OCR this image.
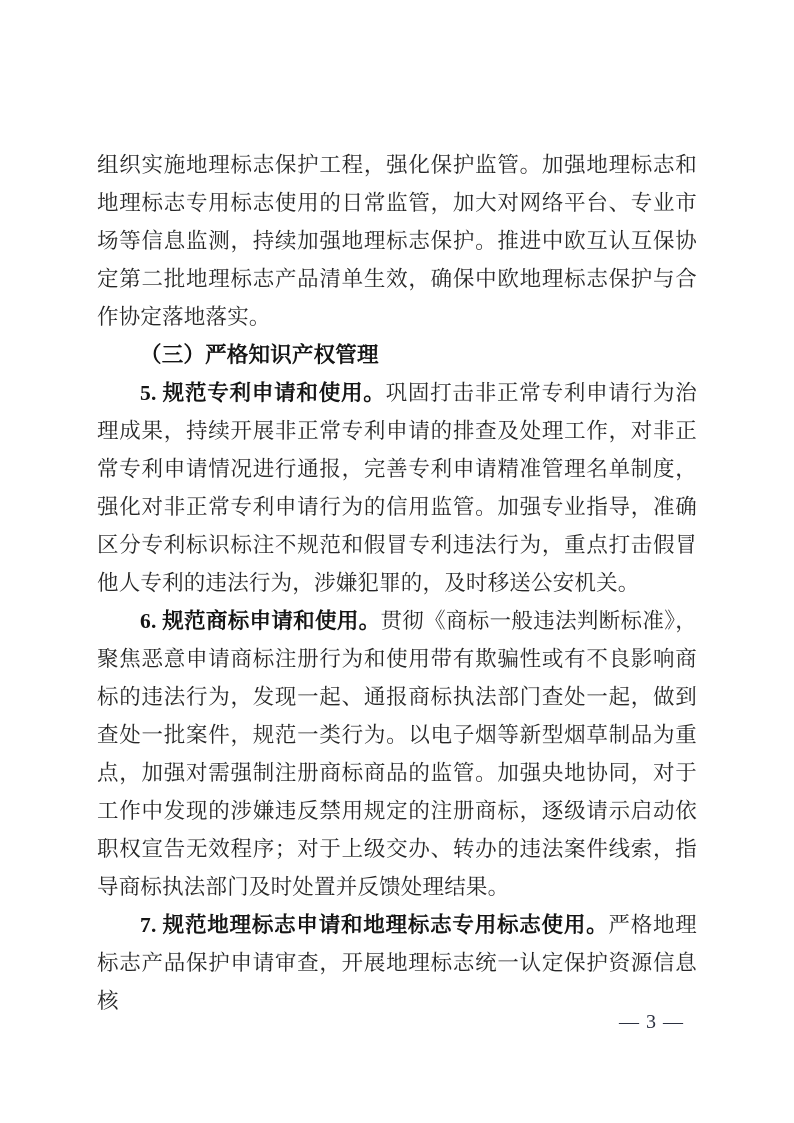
组织实施地理标志保护工程，强化保护监管。加强地理标志和地理标志专用标志使用的日常监管，加大对网络平台、专业市场等信息监测，持续加强地理标志保护。推进中欧互认互保协定第二批地理标志产品清单生效，确保中欧地理标志保护与合作协定落地落实。

（三）严格知识产权管理

5. 规范专利申请和使用。巩固打击非正常专利申请行为治理成果，持续开展非正常专利申请的排查及处理工作，对非正常专利申请情况进行通报，完善专利申请精准管理名单制度，强化对非正常专利申请行为的信用监管。加强专业指导，准确区分专利标识标注不规范和假冒专利违法行为，重点打击假冒他人专利的违法行为，涉嫌犯罪的，及时移送公安机关。

6. 规范商标申请和使用。贯彻《商标一般违法判断标准》，聚焦恶意申请商标注册行为和使用带有欺骗性或有不良影响商标的违法行为，发现一起、通报商标执法部门查处一起，做到查处一批案件，规范一类行为。以电子烟等新型烟草制品为重点，加强对需强制注册商标商品的监管。加强央地协同，对于工作中发现的涉嫌违反禁用规定的注册商标，逐级请示启动依职权宣告无效程序；对于上级交办、转办的违法案件线索，指导商标执法部门及时处置并反馈处理结果。

7. 规范地理标志申请和地理标志专用标志使用。严格地理标志产品保护申请审查，开展地理标志统一认定保护资源信息核

— 3 —
